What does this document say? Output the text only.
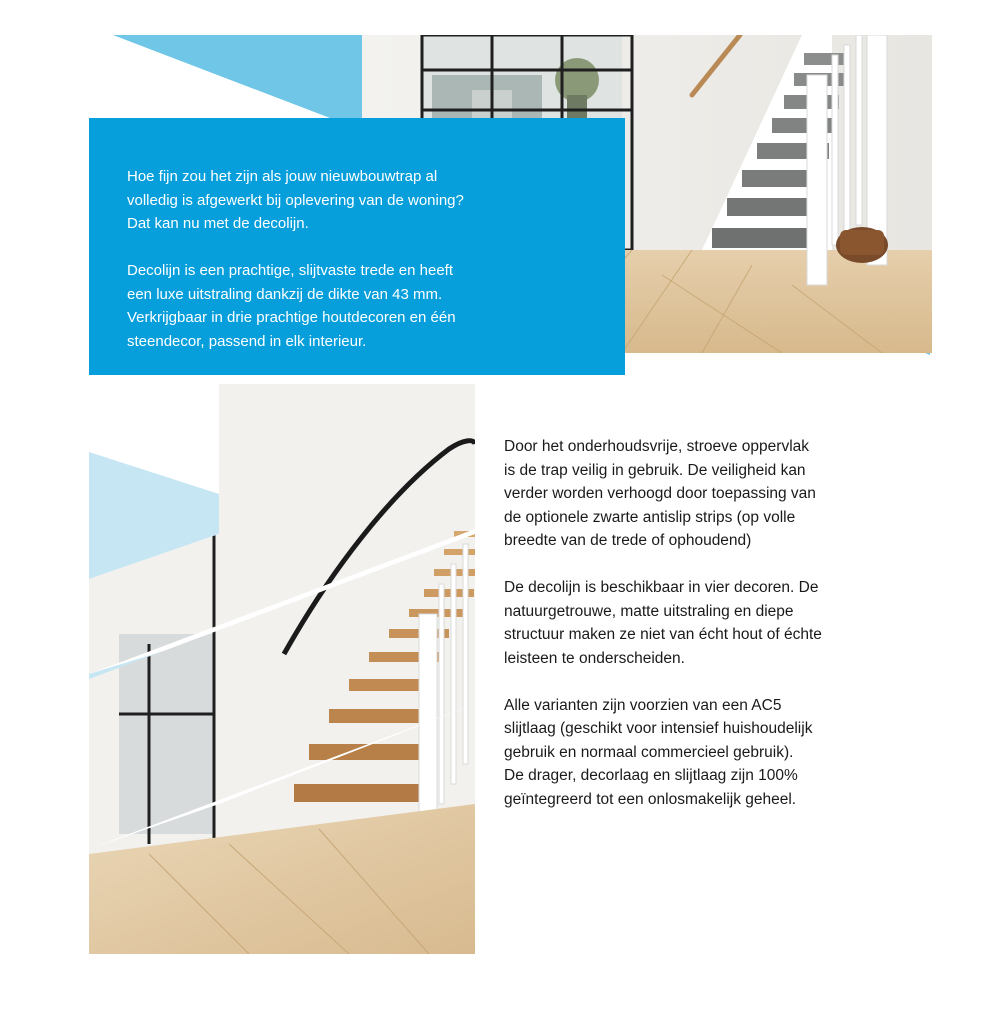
Hoe fijn zou het zijn als jouw nieuwbouwtrap al
volledig is afgewerkt bij oplevering van de woning?
Dat kan nu met de decolijn.

Decolijn is een prachtige, slijtvaste trede en heeft
een luxe uitstraling dankzij de dikte van 43 mm.
Verkrijgbaar in drie prachtige houtdecoren en één
steendecor, passend in elk interieur.

Door het onderhoudsvrije, stroeve oppervlak
is de trap veilig in gebruik. De veiligheid kan
verder worden verhoogd door toepassing van
de optionele zwarte antislip strips (op volle
breedte van de trede of ophoudend)

De decolijn is beschikbaar in vier decoren. De
natuurgetrouwe, matte uitstraling en diepe
structuur maken ze niet van écht hout of échte
leisteen te onderscheiden.

Alle varianten zijn voorzien van een AC5
slijtlaag (geschikt voor intensief huishoudelijk
gebruik en normaal commercieel gebruik).
De drager, decorlaag en slijtlaag zijn 100%
geïntegreerd tot een onlosmakelijk geheel.
